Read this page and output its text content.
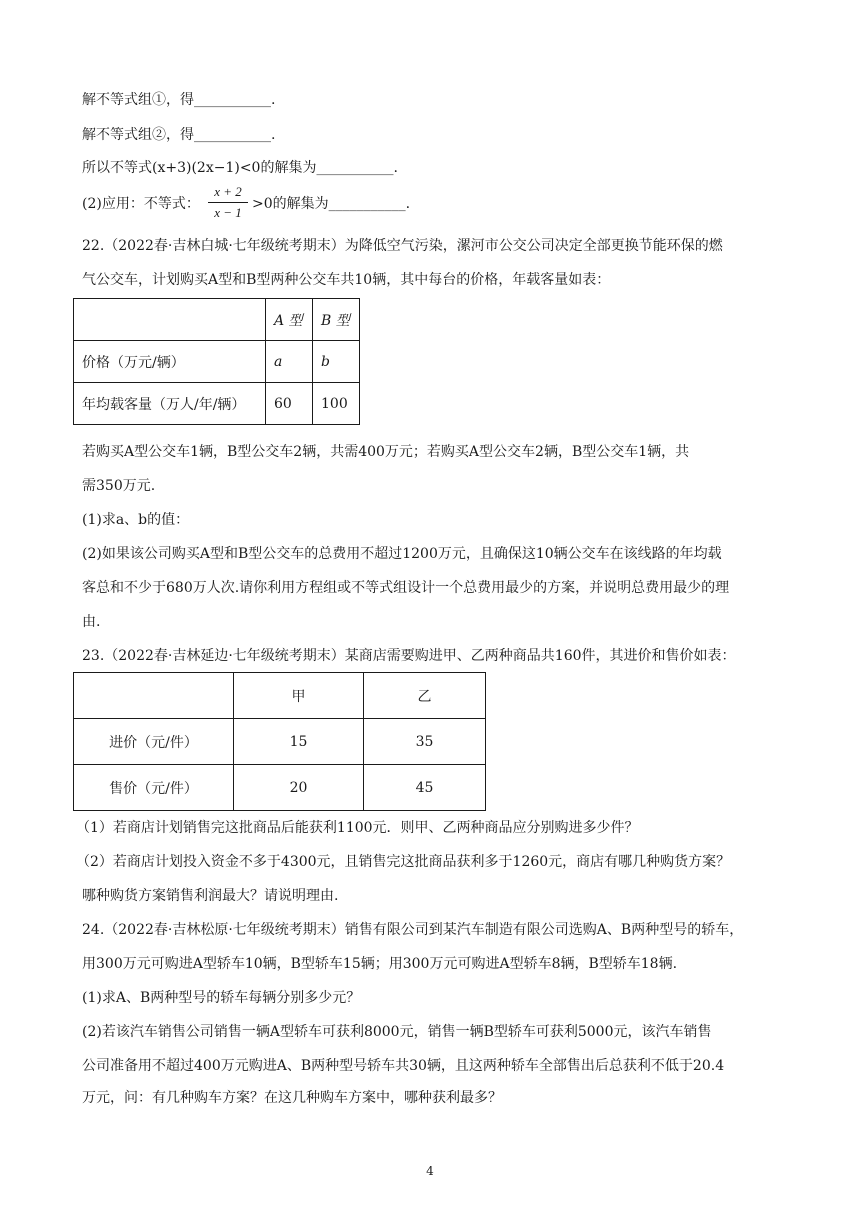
解不等式组①，得___________.
解不等式组②，得___________.
所以不等式(x+3)(2x−1)<0的解集为___________.
(2)应用：不等式：
x + 2
x − 1
>0的解集为___________.
22.（2022春·吉林白城·七年级统考期末）为降低空气污染，漯河市公交公司决定全部更换节能环保的燃
气公交车，计划购买A型和B型两种公交车共10辆，其中每台的价格，年载客量如表：
	A 型	B 型
价格（万元/辆）	a	b
年均载客量（万人/年/辆）	60	100
若购买A型公交车1辆，B型公交车2辆，共需400万元；若购买A型公交车2辆，B型公交车1辆，共
需350万元.
(1)求a、b的值：
(2)如果该公司购买A型和B型公交车的总费用不超过1200万元，且确保这10辆公交车在该线路的年均载
客总和不少于680万人次.请你利用方程组或不等式组设计一个总费用最少的方案，并说明总费用最少的理
由.
23.（2022春·吉林延边·七年级统考期末）某商店需要购进甲、乙两种商品共160件，其进价和售价如表：
	甲	乙
进价（元/件）	15	35
售价（元/件）	20	45
（1）若商店计划销售完这批商品后能获利1100元．则甲、乙两种商品应分别购进多少件？
（2）若商店计划投入资金不多于4300元，且销售完这批商品获利多于1260元，商店有哪几种购货方案？
哪种购货方案销售利润最大？请说明理由.
24.（2022春·吉林松原·七年级统考期末）销售有限公司到某汽车制造有限公司选购A、B两种型号的轿车，
用300万元可购进A型轿车10辆，B型轿车15辆；用300万元可购进A型轿车8辆，B型轿车18辆.
(1)求A、B两种型号的轿车每辆分别多少元？
(2)若该汽车销售公司销售一辆A型轿车可获利8000元，销售一辆B型轿车可获利5000元，该汽车销售
公司准备用不超过400万元购进A、B两种型号轿车共30辆，且这两种轿车全部售出后总获利不低于20.4
万元，问：有几种购车方案？在这几种购车方案中，哪种获利最多？
4
